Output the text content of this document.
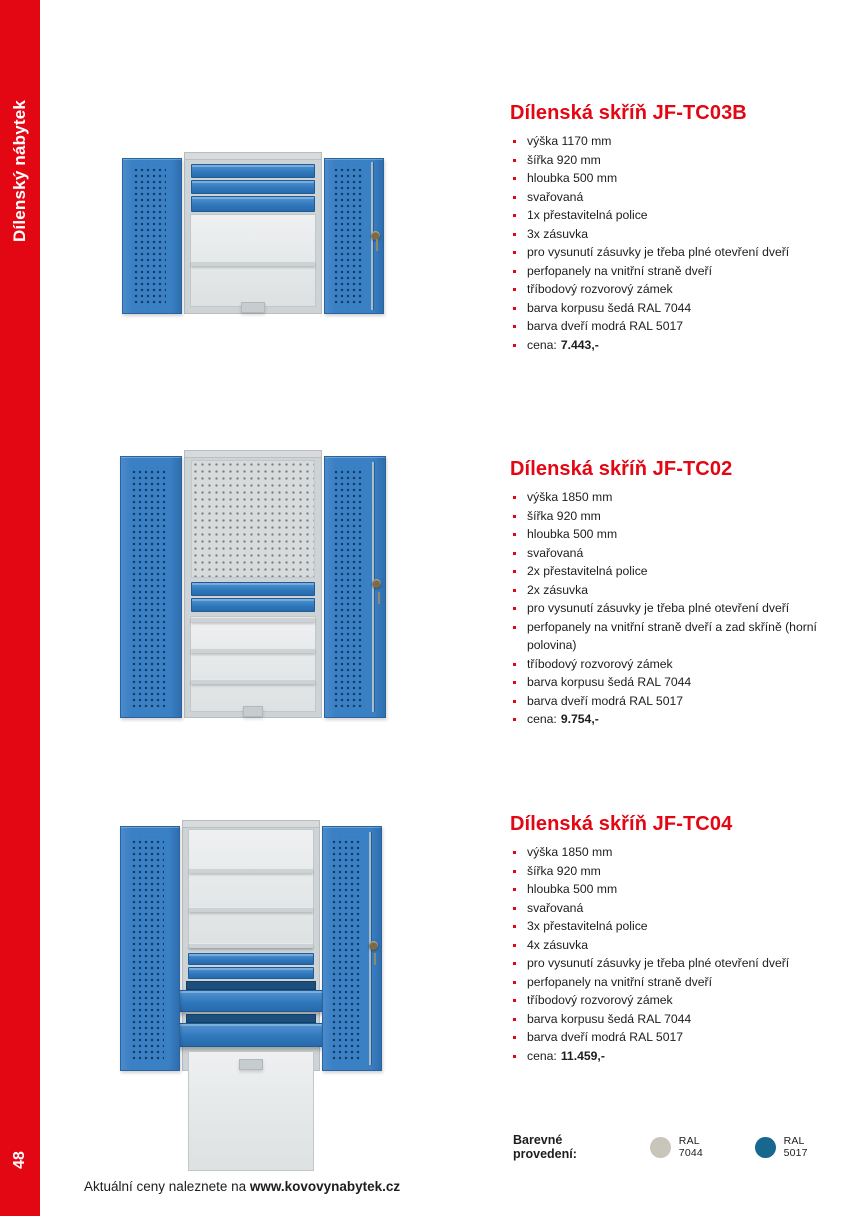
Dílenský nábytek
48
Dílenská skříň JF-TC03B
výška 1170 mm
šířka 920 mm
hloubka 500 mm
svařovaná
1x přestavitelná police
3x zásuvka
pro vysunutí zásuvky je třeba plné otevření dveří
perfopanely na vnitřní straně dveří
tříbodový rozvorový zámek
barva korpusu šedá RAL 7044
barva dveří modrá RAL 5017
cena: 7.443,-
Dílenská skříň JF-TC02
výška 1850 mm
šířka 920 mm
hloubka 500 mm
svařovaná
2x přestavitelná police
2x zásuvka
pro vysunutí zásuvky je třeba plné otevření dveří
perfopanely na vnitřní straně dveří a zad skříně (horní polovina)
tříbodový rozvorový zámek
barva korpusu šedá RAL 7044
barva dveří modrá RAL 5017
cena: 9.754,-
Dílenská skříň JF-TC04
výška 1850 mm
šířka 920 mm
hloubka 500 mm
svařovaná
3x přestavitelná police
4x zásuvka
pro vysunutí zásuvky je třeba plné otevření dveří
perfopanely na vnitřní straně dveří
tříbodový rozvorový zámek
barva korpusu šedá RAL 7044
barva dveří modrá RAL 5017
cena: 11.459,-
Barevné provedení:
RAL 7044
RAL 5017
Aktuální ceny naleznete na www.kovovynabytek.cz
